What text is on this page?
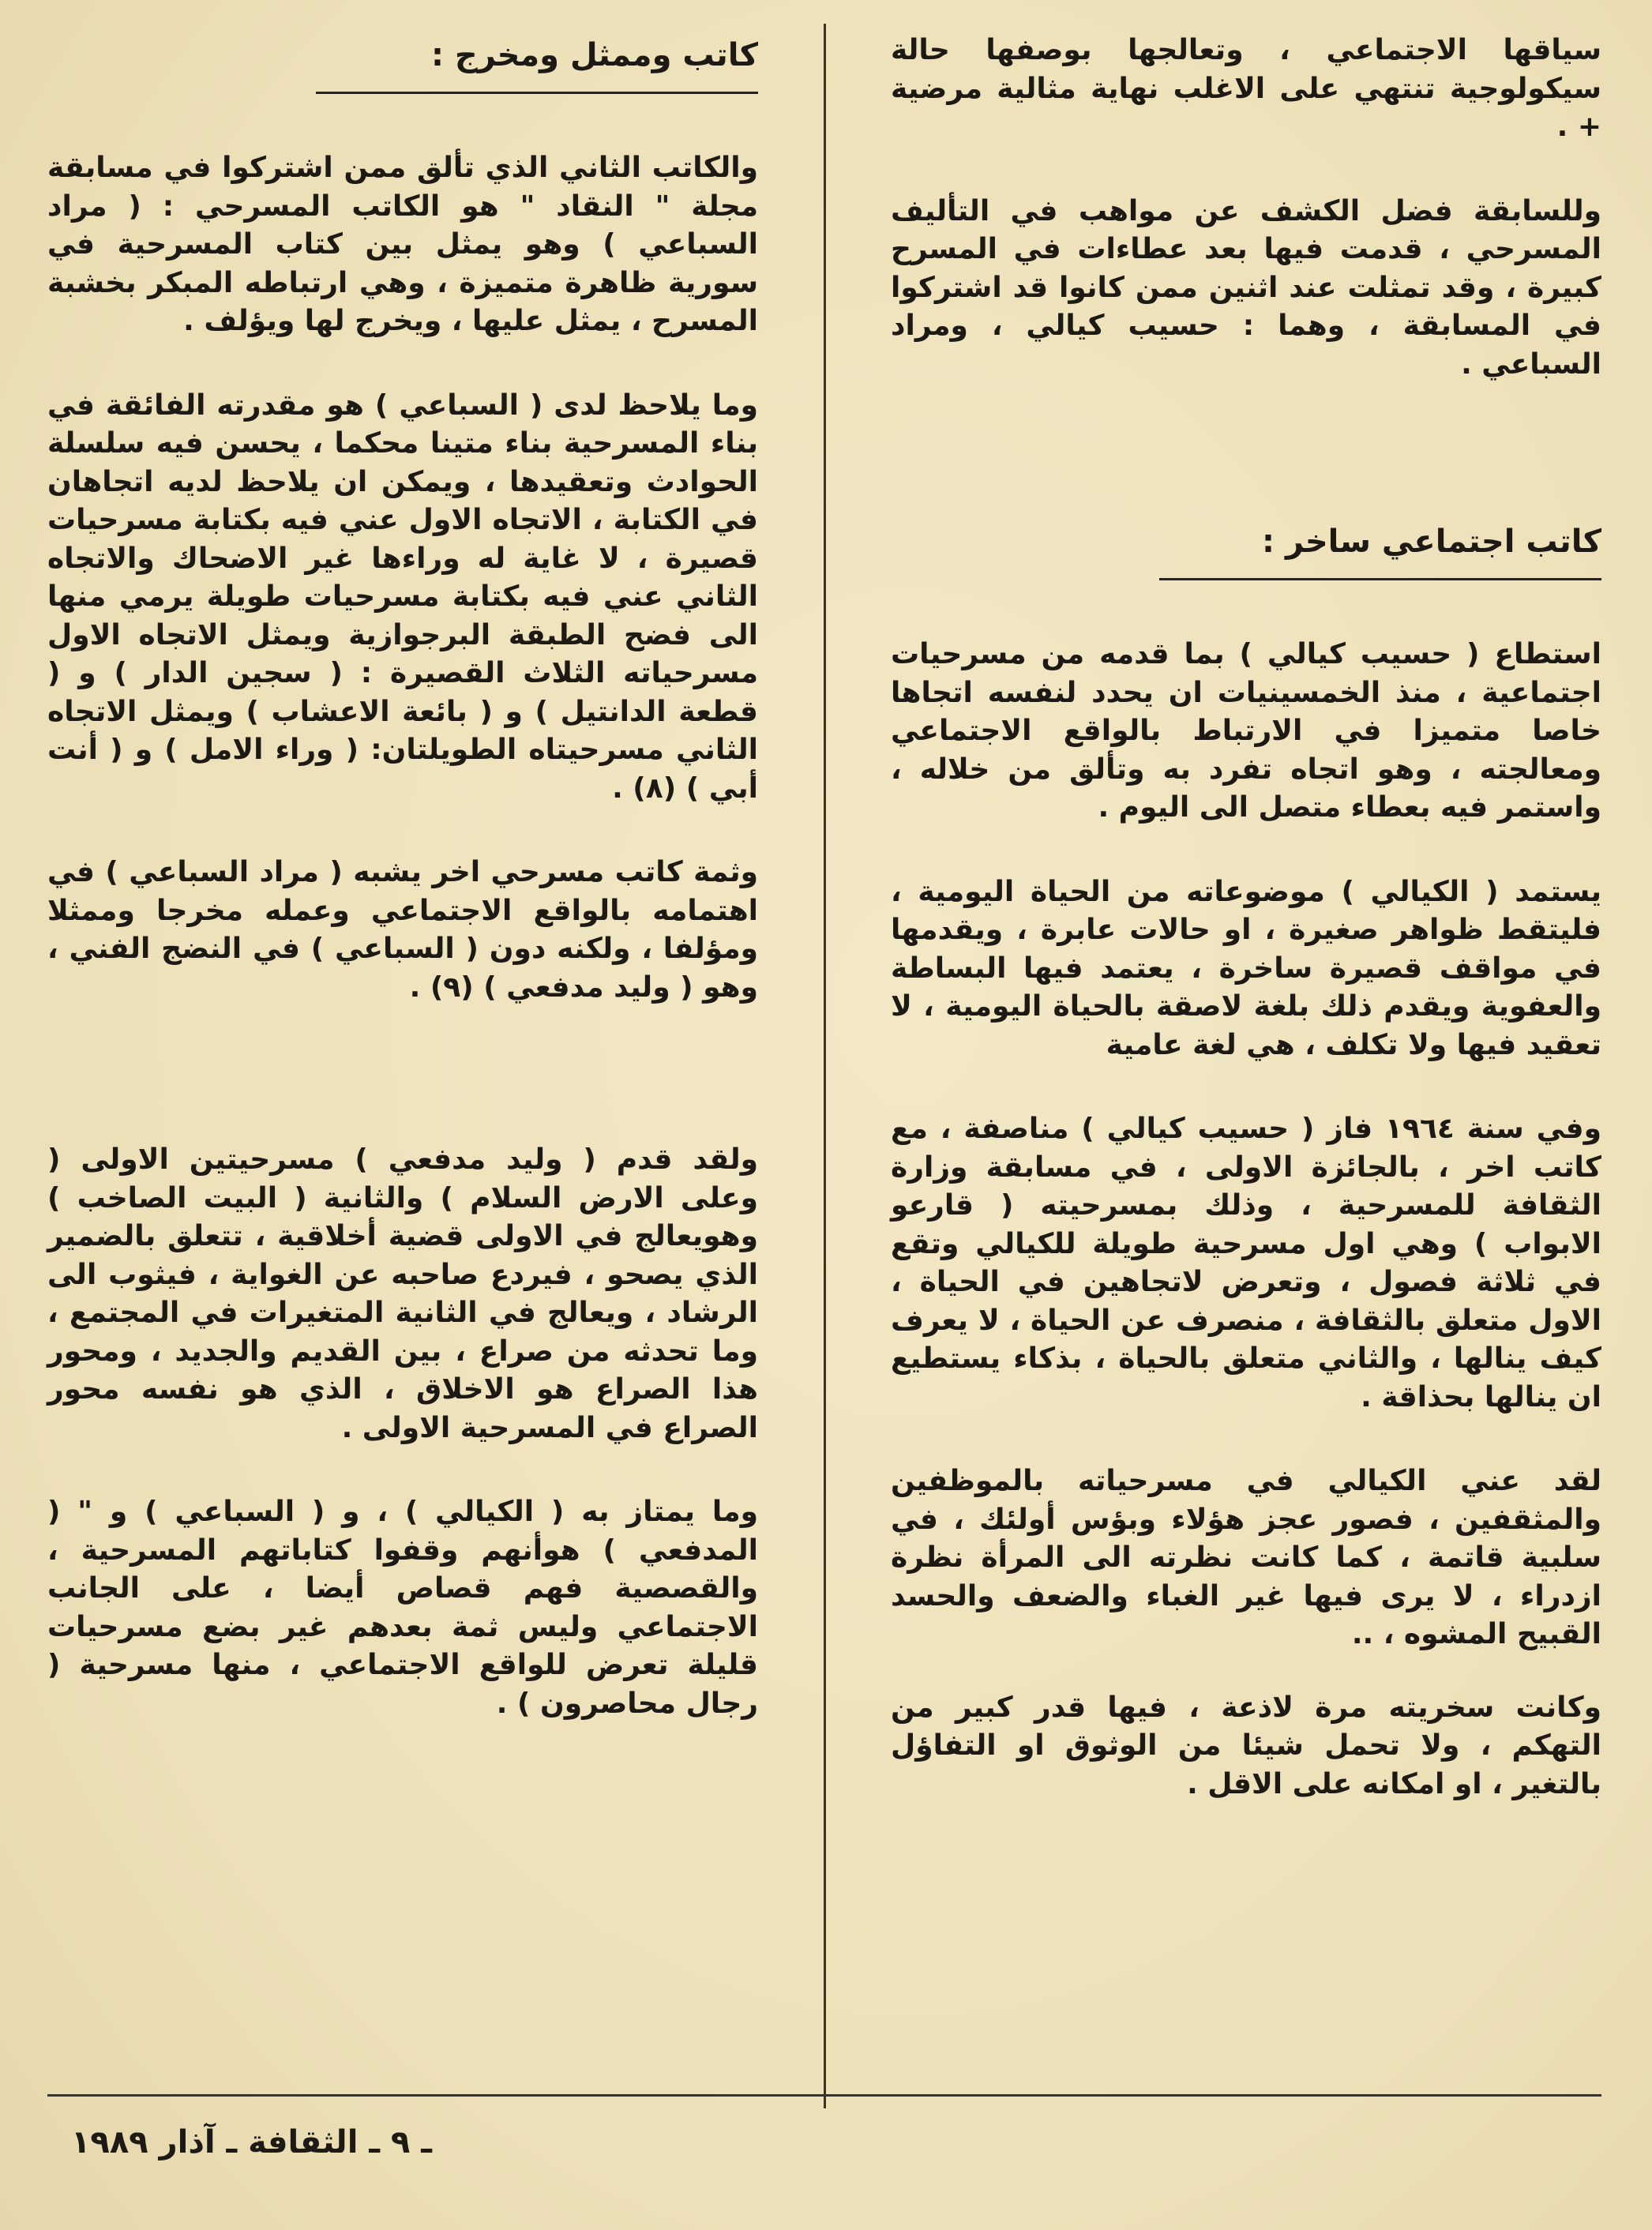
سياقها الاجتماعي ، وتعالجها بوصفها حالة سيكولوجية تنتهي على الاغلب نهاية مثالية مرضية + .

وللسابقة فضل الكشف عن مواهب في التأليف المسرحي ، قدمت فيها بعد عطاءات في المسرح كبيرة ، وقد تمثلت عند اثنين ممن كانوا قد اشتركوا في المسابقة ، وهما : حسيب كيالي ، ومراد السباعي .

كاتب اجتماعي ساخر :

استطاع ( حسيب كيالي ) بما قدمه من مسرحيات اجتماعية ، منذ الخمسينيات ان يحدد لنفسه اتجاها خاصا متميزا في الارتباط بالواقع الاجتماعي ومعالجته ، وهو اتجاه تفرد به وتألق من خلاله ، واستمر فيه بعطاء متصل الى اليوم .

يستمد ( الكيالي ) موضوعاته من الحياة اليومية ، فليتقط ظواهر صغيرة ، او حالات عابرة ، ويقدمها في مواقف قصيرة ساخرة ، يعتمد فيها البساطة والعفوية ويقدم ذلك بلغة لاصقة بالحياة اليومية ، لا تعقيد فيها ولا تكلف ، هي لغة عامية

وفي سنة ١٩٦٤ فاز ( حسيب كيالي ) مناصفة ، مع كاتب اخر ، بالجائزة الاولى ، في مسابقة وزارة الثقافة للمسرحية ، وذلك بمسرحيته ( قارعو الابواب ) وهي اول مسرحية طويلة للكيالي وتقع في ثلاثة فصول ، وتعرض لاتجاهين في الحياة ، الاول متعلق بالثقافة ، منصرف عن الحياة ، لا يعرف كيف ينالها ، والثاني متعلق بالحياة ، بذكاء يستطيع ان ينالها بحذاقة .

لقد عني الكيالي في مسرحياته بالموظفين والمثقفين ، فصور عجز هؤلاء وبؤس أولئك ، في سلبية قاتمة ، كما كانت نظرته الى المرأة نظرة ازدراء ، لا يرى فيها غير الغباء والضعف والحسد القبيح المشوه ، ..

وكانت سخريته مرة لاذعة ، فيها قدر كبير من التهكم ، ولا تحمل شيئا من الوثوق او التفاؤل بالتغير ، او امكانه على الاقل .

كاتب وممثل ومخرج :

والكاتب الثاني الذي تألق ممن اشتركوا في مسابقة مجلة " النقاد " هو الكاتب المسرحي : ( مراد السباعي ) وهو يمثل بين كتاب المسرحية في سورية ظاهرة متميزة ، وهي ارتباطه المبكر بخشبة المسرح ، يمثل عليها ، ويخرج لها ويؤلف .

وما يلاحظ لدى ( السباعي ) هو مقدرته الفائقة في بناء المسرحية بناء متينا محكما ، يحسن فيه سلسلة الحوادث وتعقيدها ، ويمكن ان يلاحظ لديه اتجاهان في الكتابة ، الاتجاه الاول عني فيه بكتابة مسرحيات قصيرة ، لا غاية له وراءها غير الاضحاك والاتجاه الثاني عني فيه بكتابة مسرحيات طويلة يرمي منها الى فضح الطبقة البرجوازية ويمثل الاتجاه الاول مسرحياته الثلاث القصيرة : ( سجين الدار ) و ( قطعة الدانتيل ) و ( بائعة الاعشاب ) ويمثل الاتجاه الثاني مسرحيتاه الطويلتان: ( وراء الامل ) و ( أنت أبي ) (٨) .

وثمة كاتب مسرحي اخر يشبه ( مراد السباعي ) في اهتمامه بالواقع الاجتماعي وعمله مخرجا وممثلا ومؤلفا ، ولكنه دون ( السباعي ) في النضج الفني ، وهو ( وليد مدفعي ) (٩) .

ولقد قدم ( وليد مدفعي ) مسرحيتين الاولى ( وعلى الارض السلام ) والثانية ( البيت الصاخب ) وهويعالج في الاولى قضية أخلاقية ، تتعلق بالضمير الذي يصحو ، فيردع صاحبه عن الغواية ، فيثوب الى الرشاد ، ويعالج في الثانية المتغيرات في المجتمع ، وما تحدثه من صراع ، بين القديم والجديد ، ومحور هذا الصراع هو الاخلاق ، الذي هو نفسه محور الصراع في المسرحية الاولى .

وما يمتاز به ( الكيالي ) ، و ( السباعي ) و " ( المدفعي ) هوأنهم وقفوا كتاباتهم المسرحية ، والقصصية فهم قصاص أيضا ، على الجانب الاجتماعي وليس ثمة بعدهم غير بضع مسرحيات قليلة تعرض للواقع الاجتماعي ، منها مسرحية ( رجال محاصرون ) .

ـ ٩ ـ الثقافة ـ آذار ١٩٨٩
